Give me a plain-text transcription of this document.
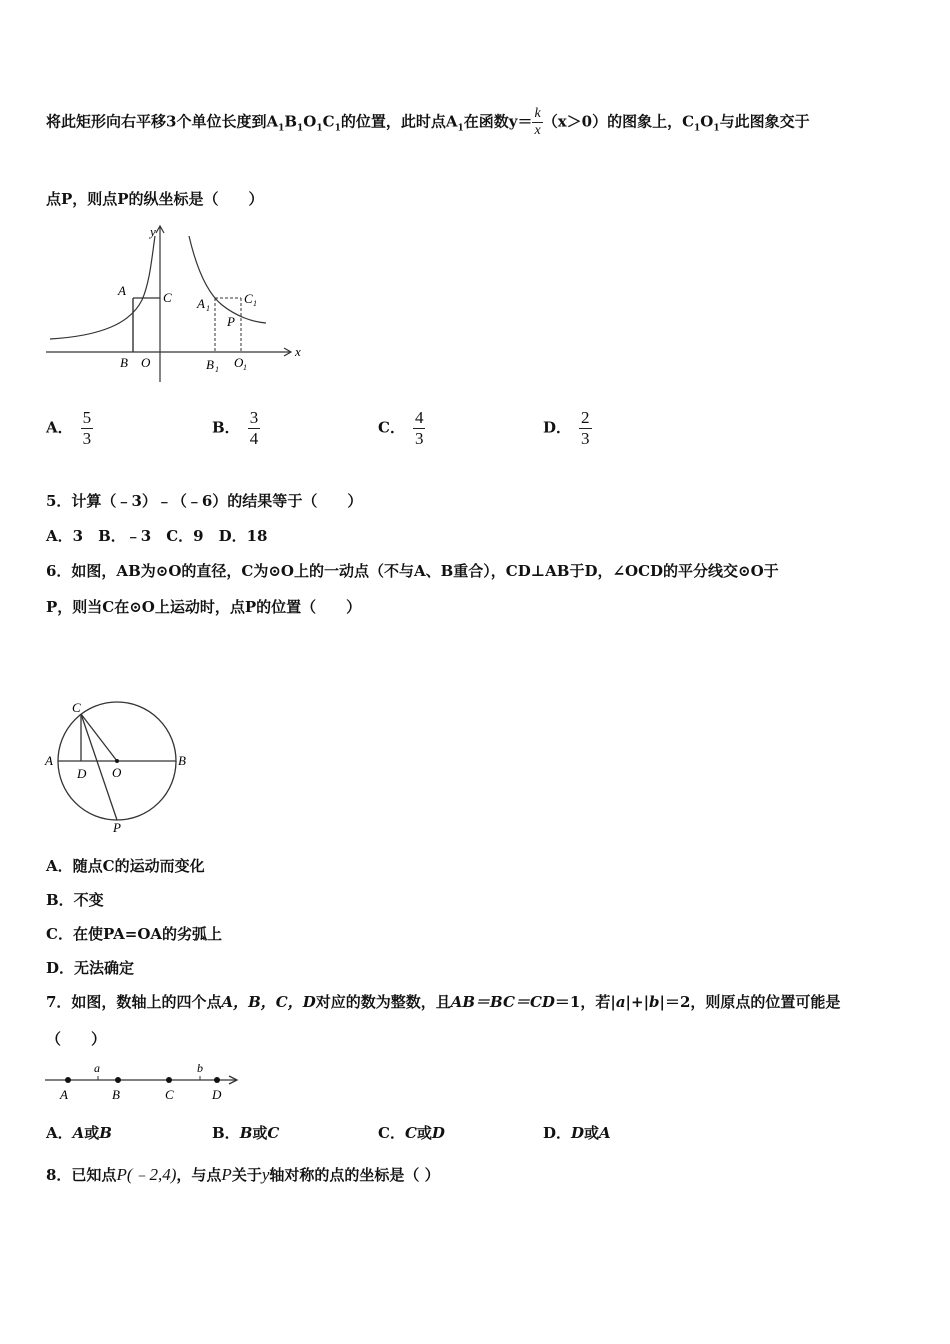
将此矩形向右平移3个单位长度到$A_1B_1O_1C_1$的位置，此时点$A_1$在函数$y= \frac{k}{x} (x>0)$的图象上，$C_1O_1$与此图象交于
点P，则点P的纵坐标是（　　）
y
x
A	C
B O
A 1
C 1
P
B 1 O 1
A． $\frac{5}{3}$	B． $\frac{3}{4}$	C． $\frac{4}{3}$	D． $\frac{2}{3}$
5．计算（﹣3）﹣（﹣6）的结果等于（　　）
A．3　B．﹣3　C．9　D．18
6．如图，AB为⊙O的直径，C为⊙O上的一动点（不与A、B重合），CD⊥AB于D，∠OCD的平分线交⊙O于
P，则当C在⊙O上运动时，点P的位置（　　）
C
A
D O
B
P
A．随点C的运动而变化
B．不变
C．在使PA=OA的劣弧上
D．无法确定
7．如图，数轴上的四个点A，B，C，D对应的数为整数，且AB＝BC＝CD＝1，若|a|+|b|＝2，则原点的位置可能是
（　　）
a	b
A	B	C	D
A．A或B	B．B或C	C．C或D	D．D或A
8．已知点P(﹣2,4)，与点P关于y轴对称的点的坐标是（ ）
